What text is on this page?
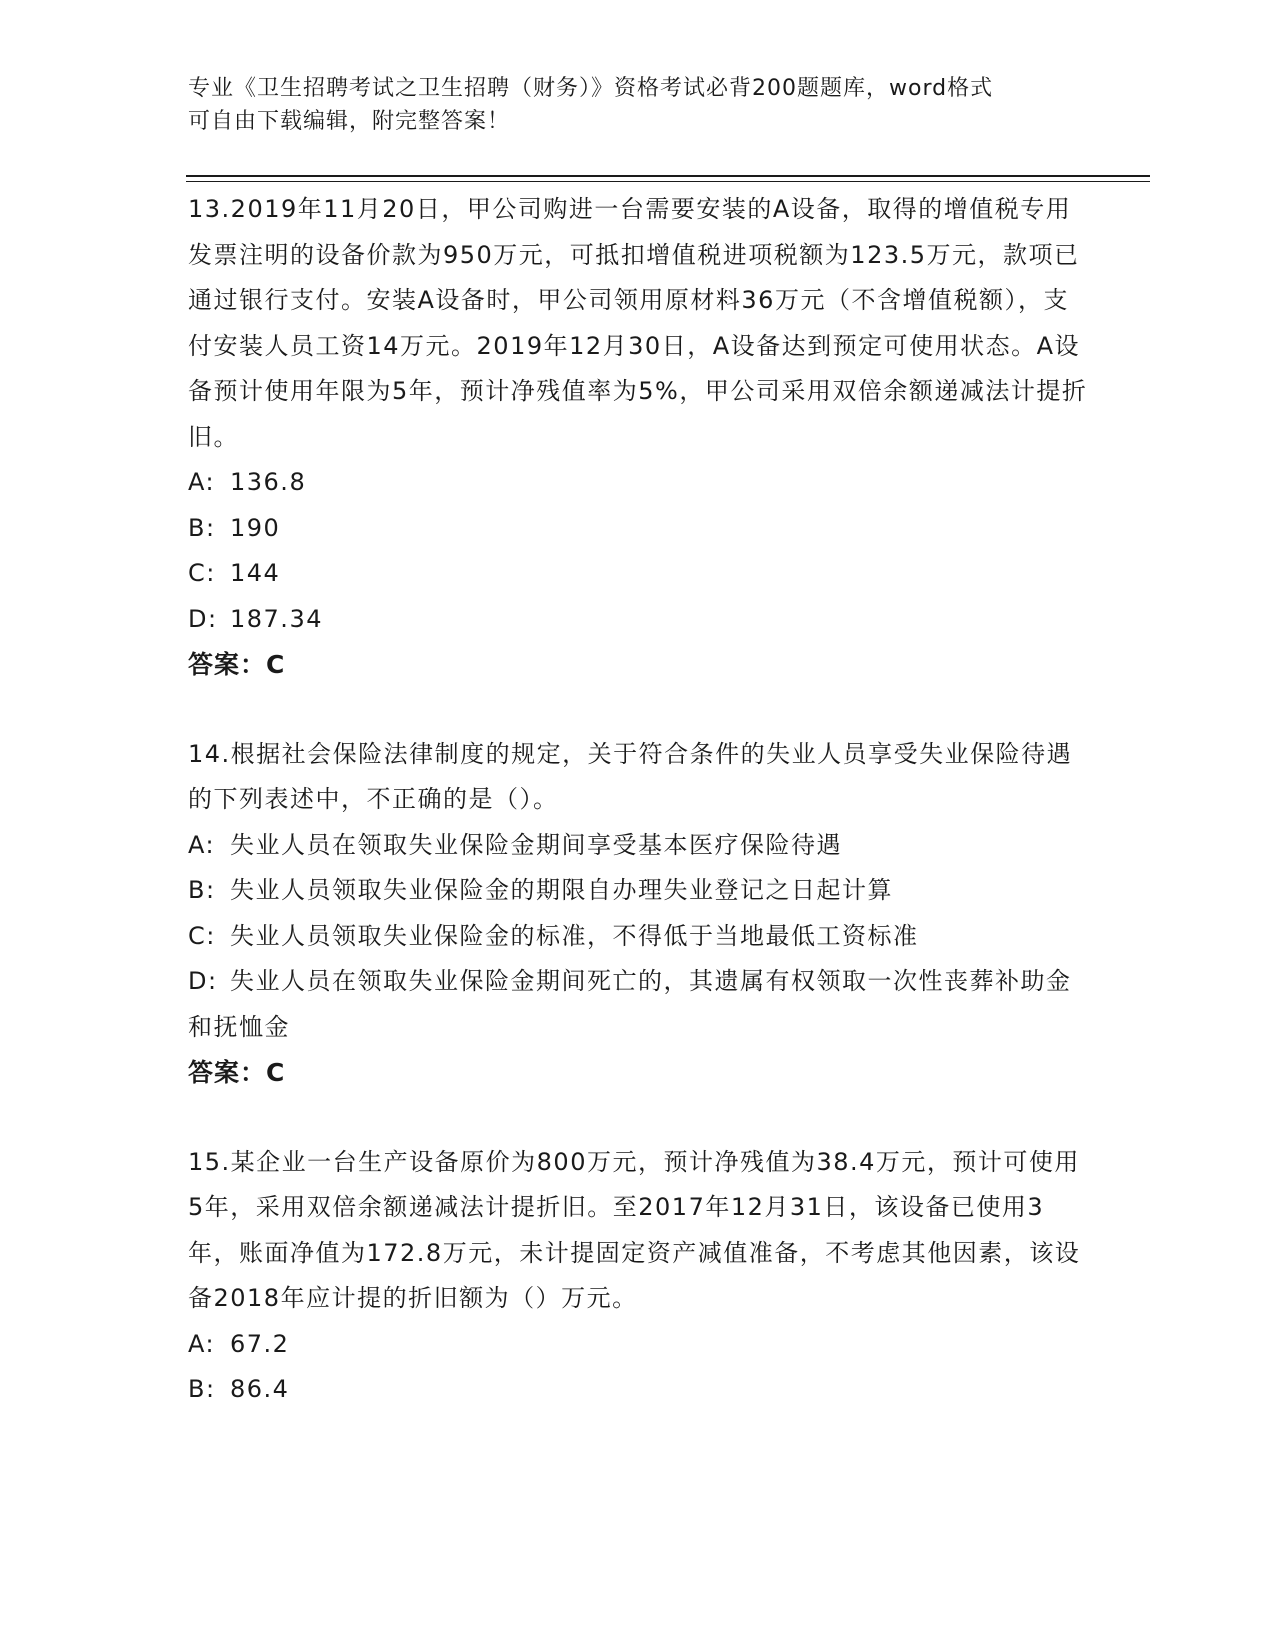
专业《卫生招聘考试之卫生招聘（财务）》资格考试必背200题题库，word格式
可自由下载编辑，附完整答案！

13.2019年11月20日，甲公司购进一台需要安装的A设备，取得的增值税专用发票注明的设备价款为950万元，可抵扣增值税进项税额为123.5万元，款项已通过银行支付。安装A设备时，甲公司领用原材料36万元（不含增值税额），支付安装人员工资14万元。2019年12月30日，A设备达到预定可使用状态。A设备预计使用年限为5年，预计净残值率为5%，甲公司采用双倍余额递减法计提折旧。

A: 136.8

B: 190

C: 144

D: 187.34

答案：C

14.根据社会保险法律制度的规定，关于符合条件的失业人员享受失业保险待遇的下列表述中，不正确的是（）。

A: 失业人员在领取失业保险金期间享受基本医疗保险待遇

B: 失业人员领取失业保险金的期限自办理失业登记之日起计算

C: 失业人员领取失业保险金的标准，不得低于当地最低工资标准

D: 失业人员在领取失业保险金期间死亡的，其遗属有权领取一次性丧葬补助金和抚恤金

答案：C

15.某企业一台生产设备原价为800万元，预计净残值为38.4万元，预计可使用5年，采用双倍余额递减法计提折旧。至2017年12月31日，该设备已使用3年，账面净值为172.8万元，未计提固定资产减值准备，不考虑其他因素，该设备2018年应计提的折旧额为（）万元。

A: 67.2

B: 86.4
